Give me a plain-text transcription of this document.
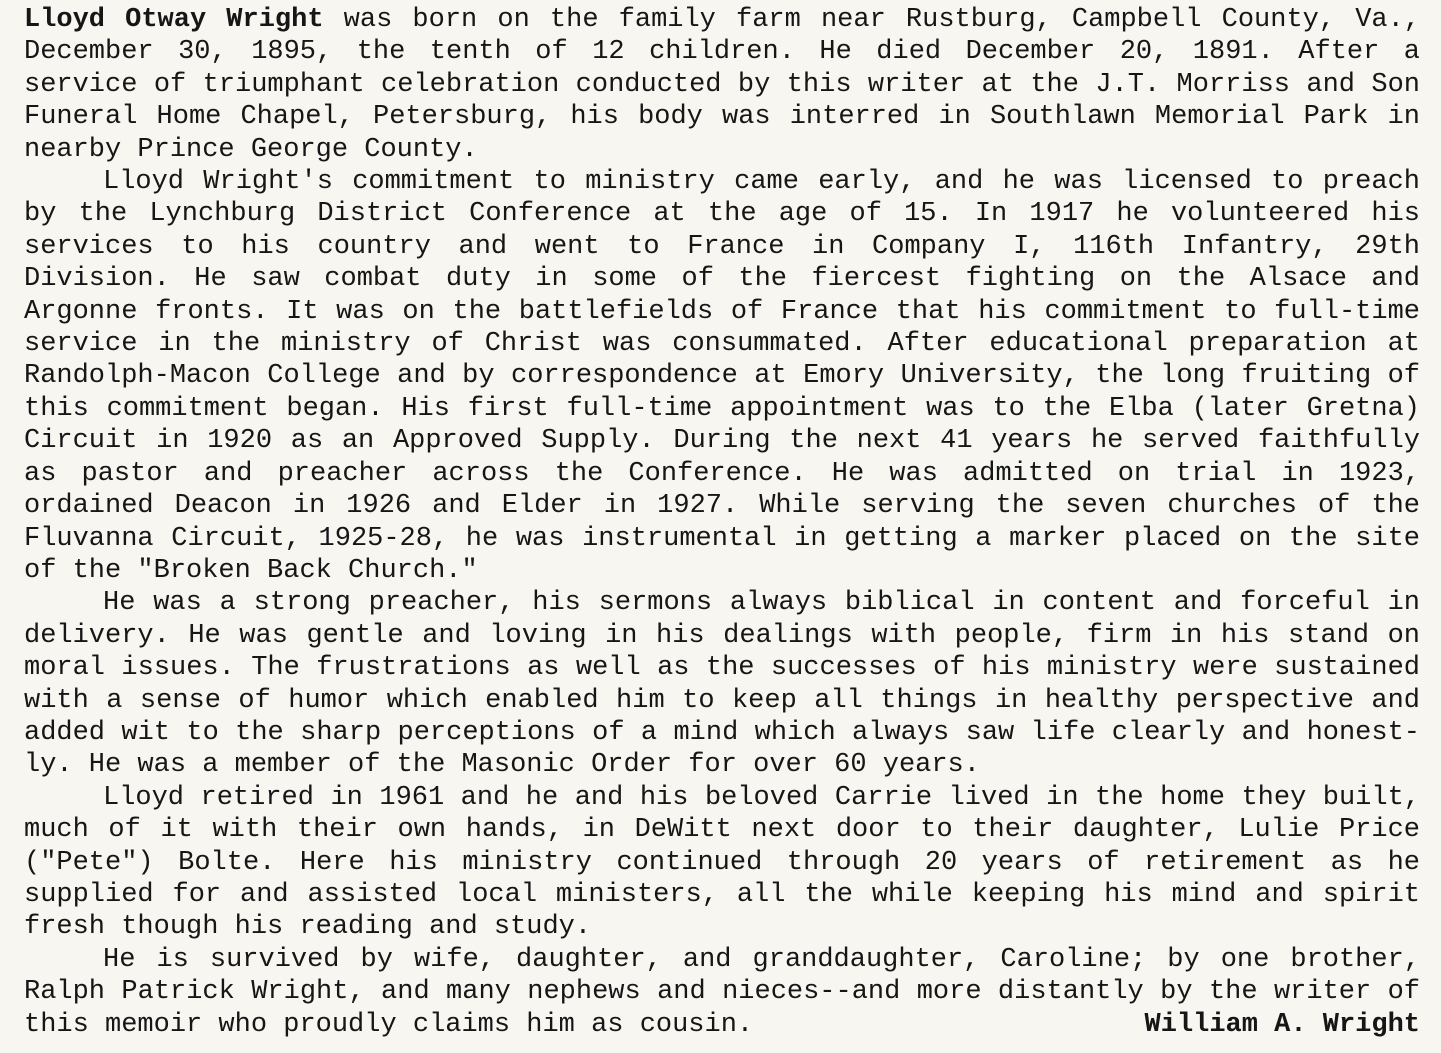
Lloyd Otway Wright was born on the family farm near Rustburg, Campbell County, Va., December 30, 1895, the tenth of 12 children. He died December 20, 1891. After a service of triumphant celebration conducted by this writer at the J.T. Morriss and Son Funeral Home Chapel, Petersburg, his body was interred in Southlawn Memorial Park in nearby Prince George County.

Lloyd Wright's commitment to ministry came early, and he was licensed to preach by the Lynchburg District Conference at the age of 15. In 1917 he volunteered his services to his country and went to France in Company I, 116th Infantry, 29th Division. He saw combat duty in some of the fiercest fighting on the Alsace and Argonne fronts. It was on the battlefields of France that his commitment to full-time service in the ministry of Christ was consummated. After educational preparation at Randolph-Macon College and by correspondence at Emory University, the long fruiting of this commitment began. His first full-time appointment was to the Elba (later Gretna) Circuit in 1920 as an Approved Supply. During the next 41 years he served faithfully as pastor and preacher across the Conference. He was admitted on trial in 1923, ordained Deacon in 1926 and Elder in 1927. While serving the seven churches of the Fluvanna Circuit, 1925-28, he was instrumental in getting a marker placed on the site of the "Broken Back Church."

He was a strong preacher, his sermons always biblical in content and forceful in delivery. He was gentle and loving in his dealings with people, firm in his stand on moral issues. The frustrations as well as the successes of his ministry were sustained with a sense of humor which enabled him to keep all things in healthy perspective and added wit to the sharp perceptions of a mind which always saw life clearly and honest-ly. He was a member of the Masonic Order for over 60 years.

Lloyd retired in 1961 and he and his beloved Carrie lived in the home they built, much of it with their own hands, in DeWitt next door to their daughter, Lulie Price ("Pete") Bolte. Here his ministry continued through 20 years of retirement as he supplied for and assisted local ministers, all the while keeping his mind and spirit fresh though his reading and study.

He is survived by wife, daughter, and granddaughter, Caroline; by one brother, Ralph Patrick Wright, and many nephews and nieces--and more distantly by the writer of this memoir who proudly claims him as cousin.	William A. Wright
